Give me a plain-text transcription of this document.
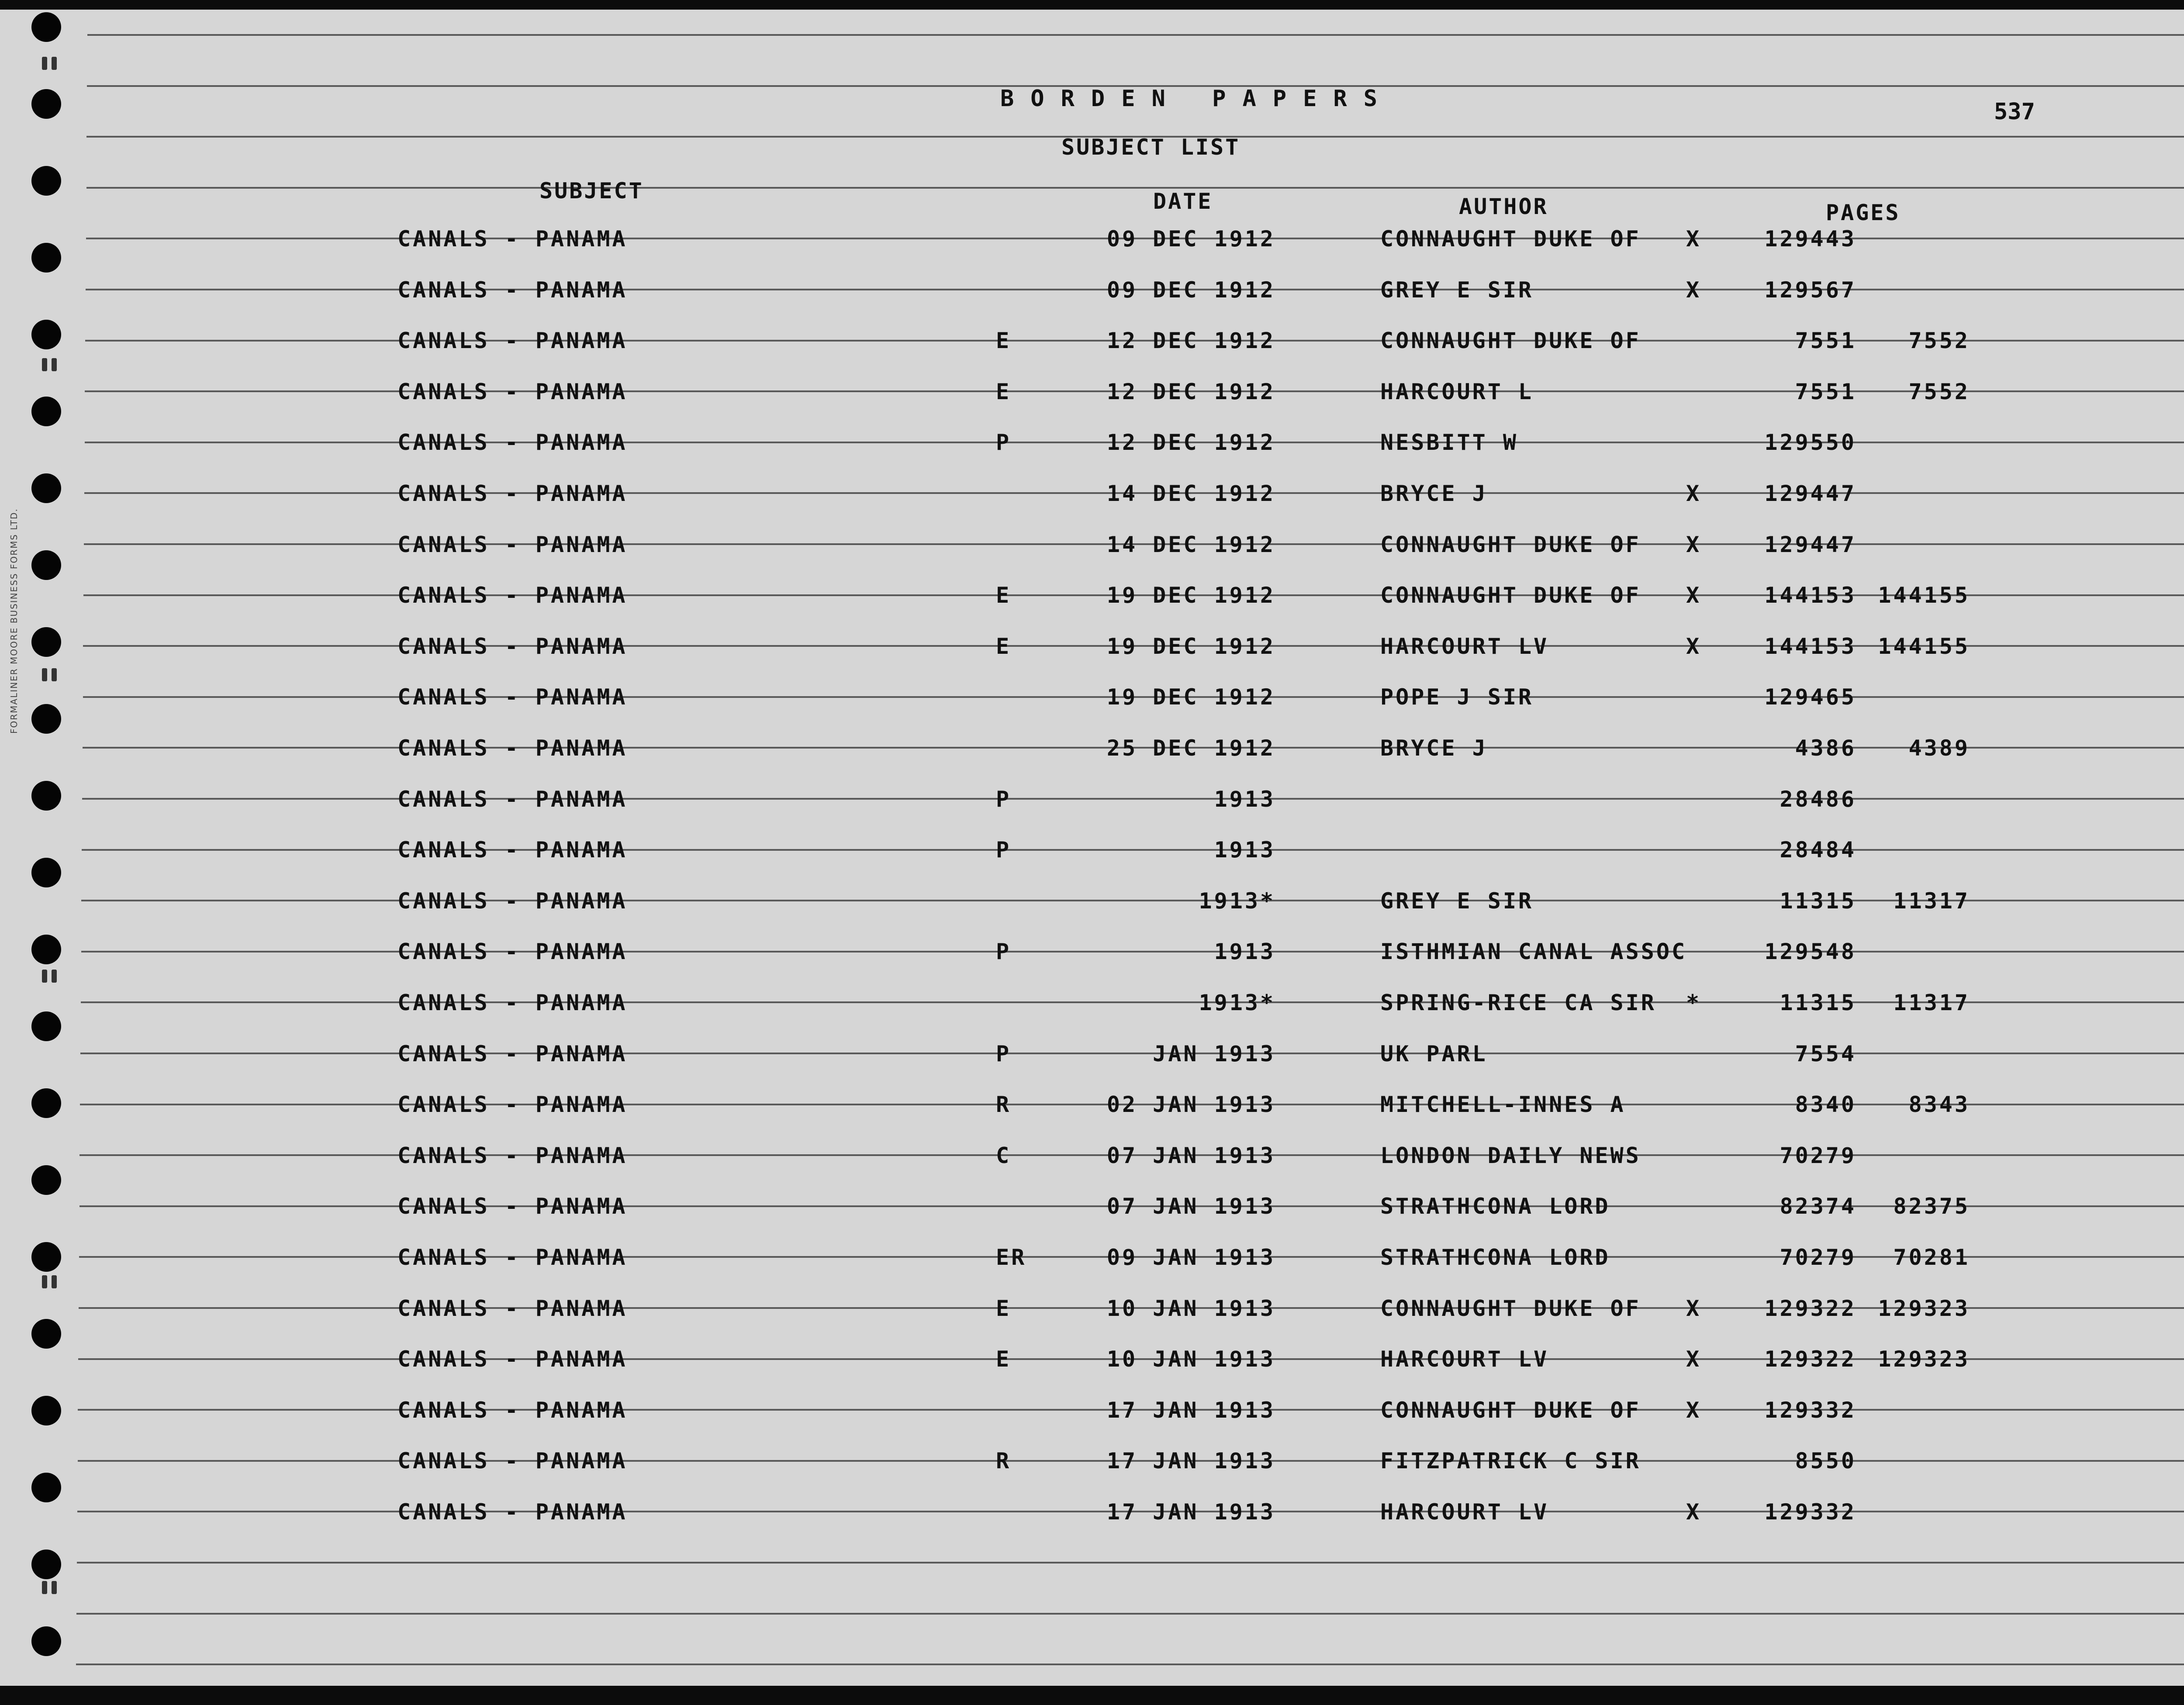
FORMALINER MOORE BUSINESS FORMS LTD.
BORDEN PAPERS	537
SUBJECT LIST
SUBJECT	DATE	AUTHOR	PAGES
CANALS - PANAMA	09 DEC 1912	CONNAUGHT DUKE OF X	129443
CANALS - PANAMA	09 DEC 1912	GREY E SIR	X	129567
CANALS - PANAMA	E	12 DEC 1912	CONNAUGHT DUKE OF	7551	7552
CANALS - PANAMA	E	12 DEC 1912	HARCOURT L	7551	7552
CANALS - PANAMA	P	12 DEC 1912	NESBITT W	129550
CANALS - PANAMA	14 DEC 1912	BRYCE J	X	129447
CANALS - PANAMA	14 DEC 1912	CONNAUGHT DUKE OF X	129447
CANALS - PANAMA	E	19 DEC 1912	CONNAUGHT DUKE OF X	144153 144155
CANALS - PANAMA	E	19 DEC 1912	HARCOURT LV	X	144153 144155
CANALS - PANAMA	19 DEC 1912	POPE J SIR	129465
CANALS - PANAMA	25 DEC 1912	BRYCE J	4386	4389
CANALS - PANAMA	P	1913	28486
CANALS - PANAMA	P	1913	28484
CANALS - PANAMA	1913*	GREY E SIR	11315	11317
CANALS - PANAMA	P	1913	ISTHMIAN CANAL ASSOC	129548
CANALS - PANAMA	1913*	SPRING-RICE CA SIR *	11315	11317
CANALS - PANAMA	P	JAN 1913	UK PARL	7554
CANALS - PANAMA	R	02 JAN 1913	MITCHELL-INNES A	8340	8343
CANALS - PANAMA	C	07 JAN 1913	LONDON DAILY NEWS	70279
CANALS - PANAMA	07 JAN 1913	STRATHCONA LORD	82374	82375
CANALS - PANAMA	ER	09 JAN 1913	STRATHCONA LORD	70279	70281
CANALS - PANAMA	E	10 JAN 1913	CONNAUGHT DUKE OF X	129322 129323
CANALS - PANAMA	E	10 JAN 1913	HARCOURT LV	X	129322 129323
CANALS - PANAMA	17 JAN 1913	CONNAUGHT DUKE OF X	129332
CANALS - PANAMA	R	17 JAN 1913	FITZPATRICK C SIR	8550
CANALS - PANAMA	17 JAN 1913	HARCOURT LV	X	129332
